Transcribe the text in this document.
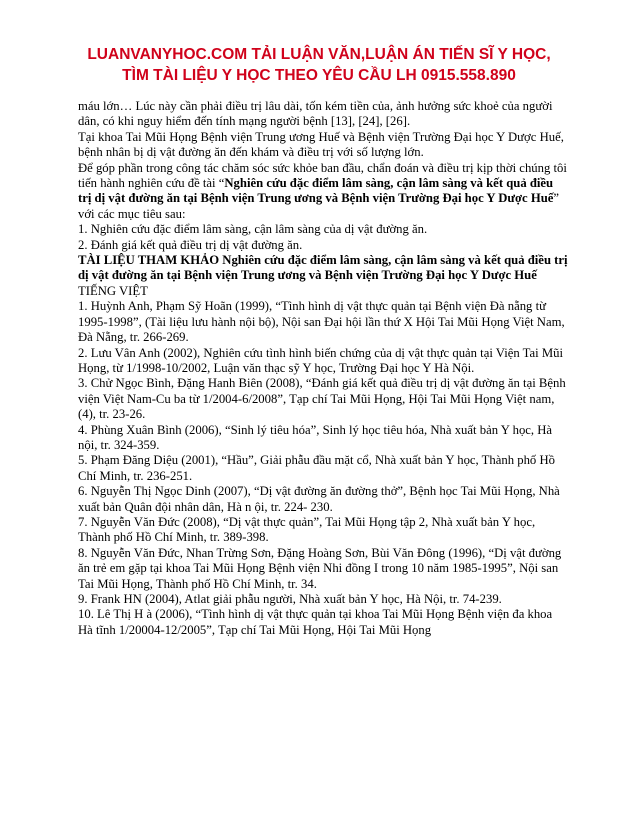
LUANVANYHOC.COM TẢI LUẬN VĂN,LUẬN ÁN TIẾN SĨ Y HỌC,
TÌM TÀI LIỆU Y HỌC THEO YÊU CẦU LH 0915.558.890

máu lớn… Lúc này cần phải điều trị lâu dài, tốn kém tiền của, ảnh hưởng sức khoẻ của người dân, có khi nguy hiểm đến tính mạng người bệnh [13], [24], [26].

Tại khoa Tai Mũi Họng Bệnh viện Trung ương Huế và Bệnh viện Trường Đại học Y Dược Huế, bệnh nhân bị dị vật đường ăn đến khám và điều trị với số lượng lớn.

Để góp phần trong công tác chăm sóc sức khỏe ban đầu, chẩn đoán và điều trị kịp thời chúng tôi tiến hành nghiên cứu đề tài “Nghiên cứu đặc điểm lâm sàng, cận lâm sàng và kết quả điều trị dị vật đường ăn tại Bệnh viện Trung ương và Bệnh viện Trường Đại học Y Dược Huế” với các mục tiêu sau:

1. Nghiên cứu đặc điểm lâm sàng, cận lâm sàng của dị vật đường ăn.

2. Đánh giá kết quả điều trị dị vật đường ăn.

TÀI LIỆU THAM KHẢO Nghiên cứu đặc điểm lâm sàng, cận lâm sàng và kết quả điều trị dị vật đường ăn tại Bệnh viện Trung ương và Bệnh viện Trường Đại học Y Dược Huế

TIẾNG VIỆT

1. Huỳnh Anh, Phạm Sỹ Hoãn (1999), “Tình hình dị vật thực quản tại Bệnh viện Đà nẵng từ 1995-1998”, (Tài liệu lưu hành nội bộ), Nội san Đại hội lần thứ X Hội Tai Mũi Họng Việt Nam, Đà Nẵng, tr. 266-269.

2. Lưu Vân Anh (2002), Nghiên cứu tình hình biến chứng của dị vật thực quản tại Viện Tai Mũi Họng, từ 1/1998-10/2002, Luận văn thạc sỹ Y học, Trường Đại học Y Hà Nội.

3. Chử Ngọc Bình, Đặng Hanh Biên (2008), “Đánh giá kết quả điều trị dị vật đường ăn tại Bệnh viện Việt Nam-Cu ba từ 1/2004-6/2008”, Tạp chí Tai Mũi Họng, Hội Tai Mũi Họng Việt nam, (4), tr. 23-26.

4. Phùng Xuân Bình (2006), “Sinh lý tiêu hóa”, Sinh lý học tiêu hóa, Nhà xuất bản Y học, Hà nội, tr. 324-359.

5. Phạm Đăng Diệu (2001), “Hầu”, Giải phẫu đầu mặt cổ, Nhà xuất bản Y học, Thành phố Hồ Chí Minh, tr. 236-251.

6. Nguyễn Thị Ngọc Dinh (2007), “Dị vật đường ăn đường thở”, Bệnh học Tai Mũi Họng, Nhà xuất bản Quân đội nhân dân, Hà n ội, tr. 224- 230.

7. Nguyễn Văn Đức (2008), “Dị vật thực quản”, Tai Mũi Họng tập 2, Nhà xuất bản Y học, Thành phố Hồ Chí Minh, tr. 389-398.

8. Nguyễn Văn Đức, Nhan Trừng Sơn, Đặng Hoàng Sơn, Bùi Văn Đông (1996), “Dị vật đường ăn trẻ em gặp tại khoa Tai Mũi Họng Bệnh viện Nhi đồng I trong 10 năm 1985-1995”, Nội san Tai Mũi Họng, Thành phố Hồ Chí Minh, tr. 34.

9. Frank HN (2004), Atlat giải phẫu người, Nhà xuất bản Y học, Hà Nội, tr. 74-239.

10. Lê Thị H à (2006), “Tình hình dị vật thực quản tại khoa Tai Mũi Họng Bệnh viện đa khoa Hà tĩnh 1/20004-12/2005”, Tạp chí Tai Mũi Họng, Hội Tai Mũi Họng
